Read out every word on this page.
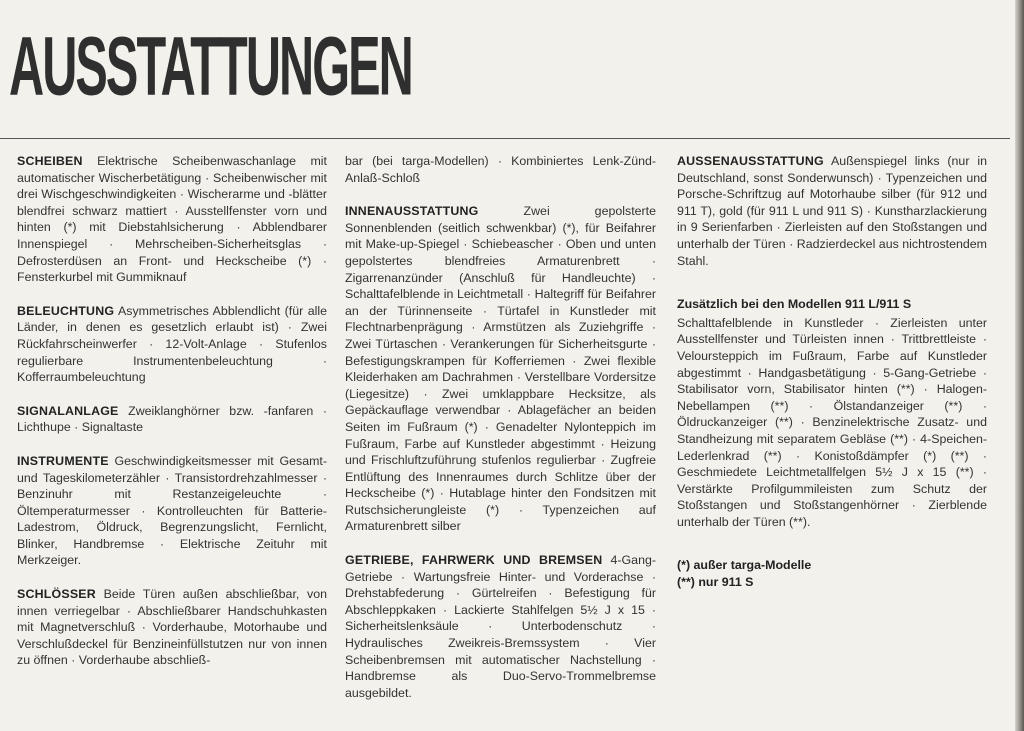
AUSSTATTUNGEN

SCHEIBEN Elektrische Scheibenwaschanlage mit automatischer Wischerbetätigung · Scheibenwischer mit drei Wischgeschwindigkeiten · Wischerarme und -blätter blendfrei schwarz mattiert · Ausstellfenster vorn und hinten (*) mit Diebstahlsicherung · Abblendbarer Innenspiegel · Mehrscheiben-Sicherheitsglas · Defrosterdüsen an Front- und Heckscheibe (*) · Fensterkurbel mit Gummiknauf

BELEUCHTUNG Asymmetrisches Abblendlicht (für alle Länder, in denen es gesetzlich erlaubt ist) · Zwei Rückfahrscheinwerfer · 12-Volt-Anlage · Stufenlos regulierbare Instrumentenbeleuchtung · Kofferraumbeleuchtung

SIGNALANLAGE Zweiklanghörner bzw. -fanfaren · Lichthupe · Signaltaste

INSTRUMENTE Geschwindigkeitsmesser mit Gesamt- und Tageskilometerzähler · Transistordrehzahlmesser · Benzinuhr mit Restanzeigeleuchte · Öltemperaturmesser · Kontrolleuchten für Batterie-Ladestrom, Öldruck, Begrenzungslicht, Fernlicht, Blinker, Handbremse · Elektrische Zeituhr mit Merkzeiger.

SCHLÖSSER Beide Türen außen abschließbar, von innen verriegelbar · Abschließbarer Handschuhkasten mit Magnetverschluß · Vorderhaube, Motorhaube und Verschlußdeckel für Benzineinfüllstutzen nur von innen zu öffnen · Vorderhaube abschließ-

bar (bei targa-Modellen) · Kombiniertes Lenk-Zünd-Anlaß-Schloß

INNENAUSSTATTUNG	Zwei gepolsterte Sonnenblenden (seitlich schwenkbar) (*), für Beifahrer mit Make-up-Spiegel · Schiebeascher · Oben und unten gepolstertes blendfreies Armaturenbrett · Zigarrenanzünder (Anschluß für Handleuchte) · Schalttafelblende in Leichtmetall · Haltegriff für Beifahrer an der Türinnenseite · Türtafel in Kunstleder mit Flechtnarbenprägung · Armstützen als Zuziehgriffe · Zwei Türtaschen · Verankerungen für Sicherheitsgurte · Befestigungskrampen für Kofferriemen · Zwei flexible Kleiderhaken am Dachrahmen · Verstellbare Vordersitze (Liegesitze) · Zwei umklappbare Hecksitze, als Gepäckauflage verwendbar · Ablagefächer an beiden Seiten im Fußraum (*) · Genadelter Nylonteppich im Fußraum, Farbe auf Kunstleder abgestimmt · Heizung und Frischluftzuführung stufenlos regulierbar · Zugfreie Entlüftung des Innenraumes durch Schlitze über der Heckscheibe (*) · Hutablage hinter den Fondsitzen mit Rutschsicherungleiste (*) · Typenzeichen auf Armaturenbrett silber

GETRIEBE, FAHRWERK UND BREMSEN 4-Gang-Getriebe · Wartungsfreie Hinter- und Vorderachse · Drehstabfederung · Gürtelreifen · Befestigung für Abschleppkaken · Lackierte Stahlfelgen 5½ J x 15 · Sicherheitslenksäule · Unterbodenschutz · Hydraulisches Zweikreis-Bremssystem · Vier Scheibenbremsen mit automatischer Nachstellung · Handbremse als Duo-Servo-Trommelbremse ausgebildet.

AUSSENAUSSTATTUNG Außenspiegel links (nur in Deutschland, sonst Sonderwunsch) · Typenzeichen und Porsche-Schriftzug auf Motorhaube silber (für 912 und 911 T), gold (für 911 L und 911 S) · Kunstharzlackierung in 9 Serienfarben · Zierleisten auf den Stoßstangen und unterhalb der Türen · Radzierdeckel aus nichtrostendem Stahl.

Zusätzlich bei den Modellen 911 L/911 S

Schalttafelblende in Kunstleder · Zierleisten unter Ausstellfenster und Türleisten innen · Trittbrettleiste · Veloursteppich im Fußraum, Farbe auf Kunstleder abgestimmt · Handgasbetätigung · 5-Gang-Getriebe · Stabilisator vorn, Stabilisator hinten (**) · Halogen-Nebellampen (**) · Ölstandanzeiger (**) · Öldruckanzeiger (**) · Benzinelektrische Zusatz- und Standheizung mit separatem Gebläse (**) · 4-Speichen-Lederlenkrad (**) · Konistoßdämpfer (*) (**) · Geschmiedete Leichtmetallfelgen 5½ J x 15 (**) · Verstärkte Profilgummileisten zum Schutz der Stoßstangen und Stoßstangenhörner · Zierblende unterhalb der Türen (**).

(*) außer targa-Modelle

(**) nur 911 S
